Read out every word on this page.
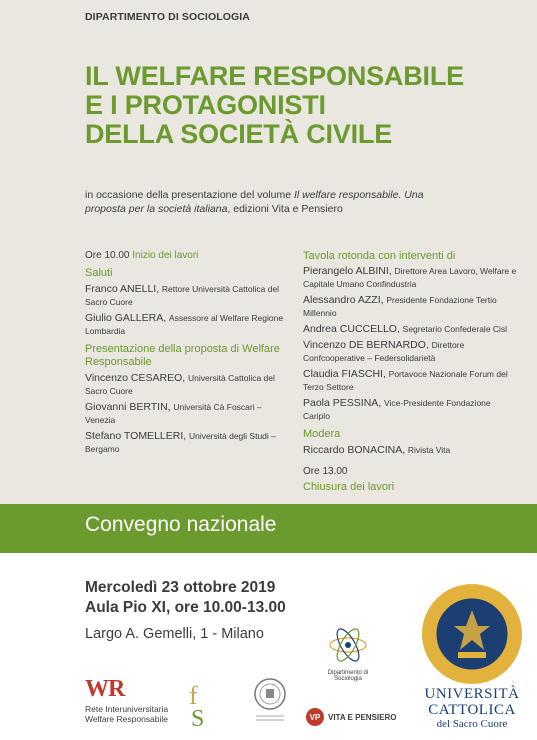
DIPARTIMENTO DI SOCIOLOGIA
IL WELFARE RESPONSABILE
E I PROTAGONISTI
DELLA SOCIETÀ CIVILE
in occasione della presentazione del volume Il welfare responsabile. Una proposta per la società italiana, edizioni Vita e Pensiero
Ore 10.00 Inizio dei lavori
Saluti
Franco ANELLI, Rettore Università Cattolica del Sacro Cuore
Giulio GALLERA, Assessore al Welfare Regione Lombardia
Presentazione della proposta di Welfare Responsabile
Vincenzo CESAREO, Università Cattolica del Sacro Cuore
Giovanni BERTIN, Università Cà Foscari – Venezia
Stefano TOMELLERI, Università degli Studi – Bergamo
Tavola rotonda con interventi di
Pierangelo ALBINI, Direttore Area Lavoro, Welfare e Capitale Umano Confindustria
Alessandro AZZI, Presidente Fondazione Tertio Millennio
Andrea CUCCELLO, Segretario Confederale Cisl
Vincenzo DE BERNARDO, Direttore Confcooperative – Federsolidarietà
Claudia FIASCHI, Portavoce Nazionale Forum del Terzo Settore
Paola PESSINA, Vice-Presidente Fondazione Cariplo
Modera
Riccardo BONACINA, Rivista Vita
Ore 13.00
Chiusura dei lavori
Convegno nazionale
Mercoledì 23 ottobre 2019
Aula Pio XI, ore 10.00-13.00
Largo A. Gemelli, 1 - Milano
WR
Rete Interuniversitaria
Welfare Responsabile
f
S
Dipartimento di Sociologia
VP VITA E PENSIERO
UNIVERSITÀ
CATTOLICA
del Sacro Cuore
